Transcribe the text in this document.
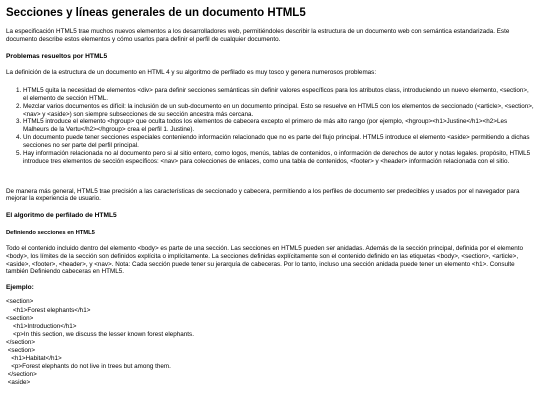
Secciones y líneas generales de un documento HTML5

La especificación HTML5 trae muchos nuevos elementos a los desarrolladores web, permitiéndoles describir la estructura de un documento web con semántica estandarizada. Este documento describe estos elementos y cómo usarlos para definir el perfil de cualquier documento.

Problemas resueltos por HTML5

La definición de la estructura de un documento en HTML 4 y su algoritmo de perfilado es muy tosco y genera numerosos problemas:

1. HTML5 quita la necesidad de elementos <div> para definir secciones semánticas sin definir valores específicos para los atributos class, introduciendo un nuevo elemento, <section>, el elemento de sección HTML.
2. Mezclar varios documentos es difícil: la inclusión de un sub-documento en un documento principal. Esto se resuelve en HTML5 con los elementos de seccionado (<article>, <section>, <nav> y <aside>) son siempre subsecciones de su sección ancestra más cercana.
3. HTML5 introduce el elemento <hgroup> que oculta todos los elementos de cabecera excepto el primero de más alto rango (por ejemplo, <hgroup><h1>Justine</h1><h2>Les Malheurs de la Vertu</h2></hgroup> crea el perfil 1. Justine).
4. Un documento puede tener secciones especiales conteniendo información relacionado que no es parte del flujo principal. HTML5 introduce el elemento <aside> permitiendo a dichas secciones no ser parte del perfil principal.
5. Hay información relacionada no al documento pero si al sitio entero, como logos, menús, tablas de contenidos, o información de derechos de autor y notas legales. propósito, HTML5 introduce tres elementos de sección específicos: <nav> para colecciones de enlaces, como una tabla de contenidos, <footer> y <header> información relacionada con el sitio.

De manera más general, HTML5 trae precisión a las características de seccionado y cabecera, permitiendo a los perfiles de documento ser predecibles y usados por el navegador para mejorar la experiencia de usuario.

El algoritmo de perfilado de HTML5
Definiendo secciones en HTML5

Todo el contenido incluido dentro del elemento <body> es parte de una sección. Las secciones en HTML5 pueden ser anidadas. Además de la sección principal, definida por el elemento <body>, los límites de la sección son definidos explícita o implícitamente. La secciones definidas explícitamente son el contenido definido en las etiquetas <body>, <section>, <article>, <aside>, <footer>, <header>, y <nav>. Nota: Cada sección puede tener su jerarquía de cabeceras. Por lo tanto, incluso una sección anidada puede tener un elemento <h1>. Consulte también Definiendo cabeceras en HTML5.

Ejemplo:
<section>
<h1>Forest elephants</h1>
<section>
<h1>Introduction</h1>
<p>In this section, we discuss the lesser known forest elephants.
</section>
<section>
<h1>Habitat</h1>
<p>Forest elephants do not live in trees but among them.
</section>
<aside>
